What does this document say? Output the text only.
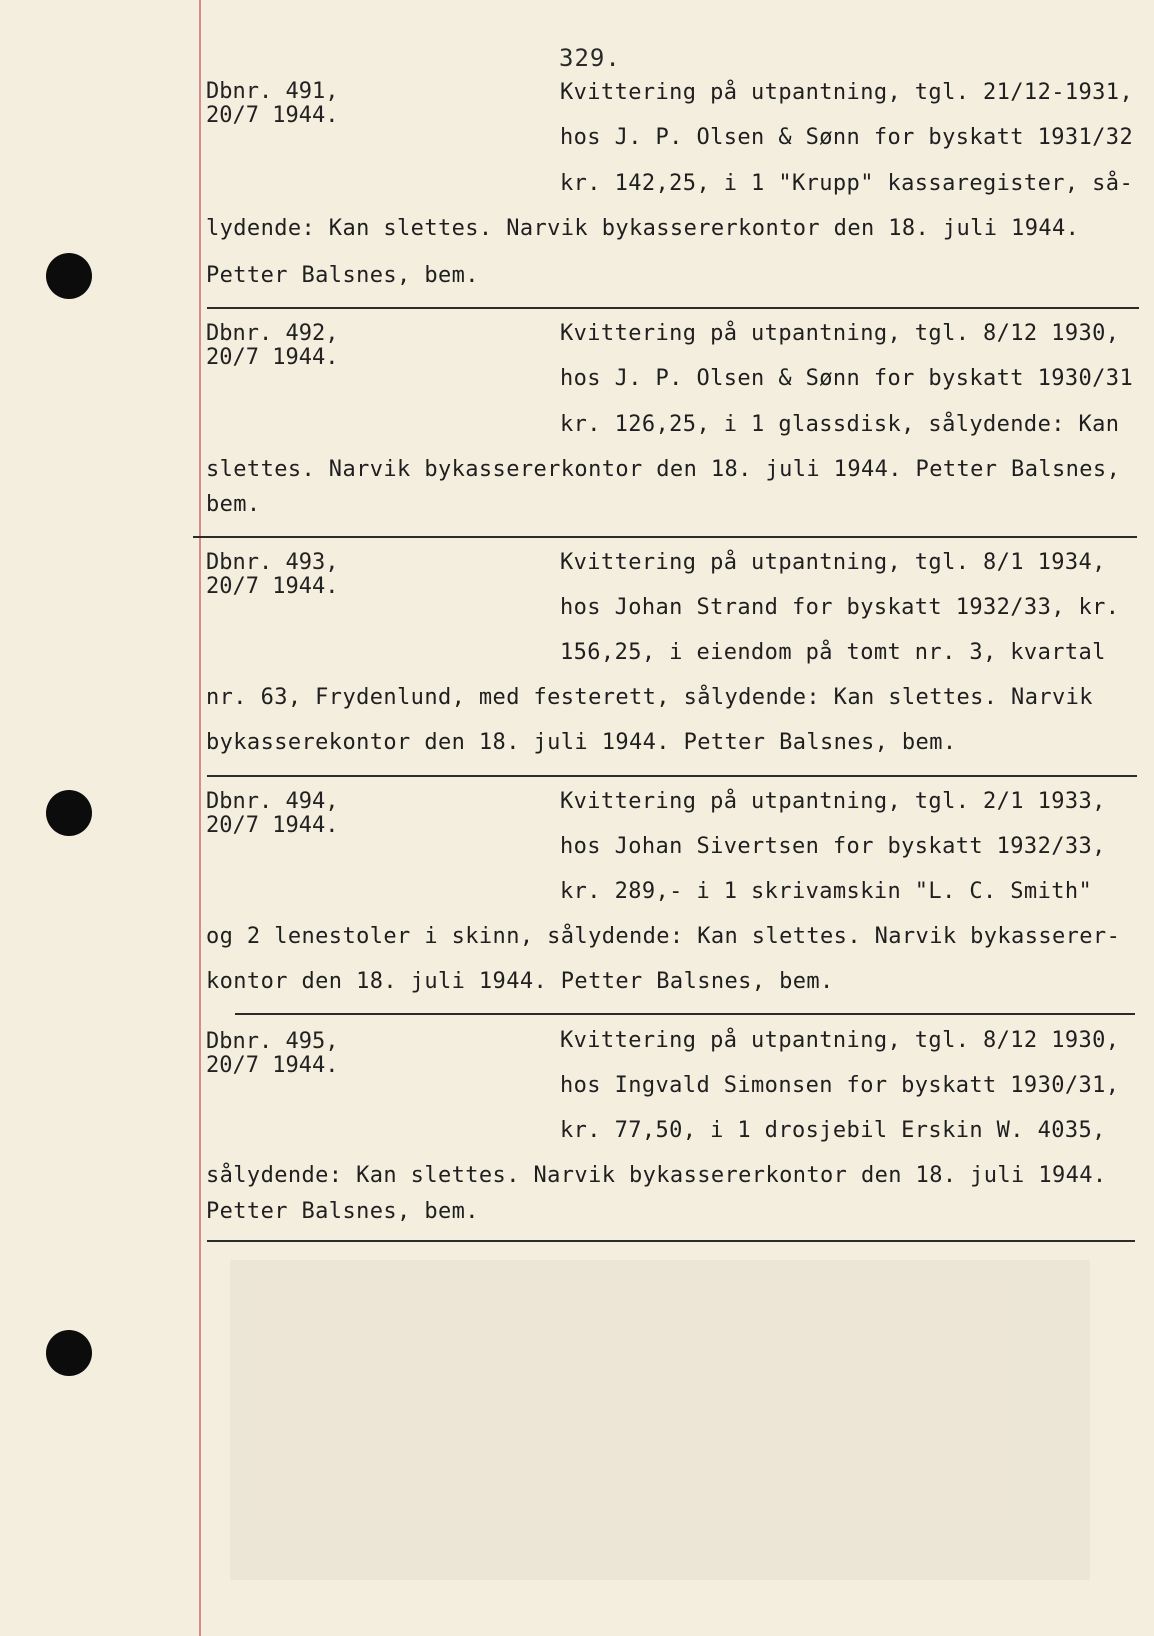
329.
Dbnr. 491,
20/7 1944.
Kvittering på utpantning, tgl. 21/12-1931,
hos J. P. Olsen & Sønn for byskatt 1931/32
kr. 142,25, i 1 "Krupp" kassaregister, så-
lydende: Kan slettes. Narvik bykassererkontor den 18. juli 1944.
Petter Balsnes, bem.
Dbnr. 492,
20/7 1944.
Kvittering på utpantning, tgl. 8/12 1930,
hos J. P. Olsen & Sønn for byskatt 1930/31
kr. 126,25, i 1 glassdisk, sålydende: Kan
slettes. Narvik bykassererkontor den 18. juli 1944. Petter Balsnes,
bem.
Dbnr. 493,
20/7 1944.
Kvittering på utpantning, tgl. 8/1 1934,
hos Johan Strand for byskatt 1932/33, kr.
156,25, i eiendom på tomt nr. 3, kvartal
nr. 63, Frydenlund, med festerett, sålydende: Kan slettes. Narvik
bykasserekontor den 18. juli 1944. Petter Balsnes, bem.
Dbnr. 494,
20/7 1944.
Kvittering på utpantning, tgl. 2/1 1933,
hos Johan Sivertsen for byskatt 1932/33,
kr. 289,- i 1 skrivamskin "L. C. Smith"
og 2 lenestoler i skinn, sålydende: Kan slettes. Narvik bykasserer-
kontor den 18. juli 1944. Petter Balsnes, bem.
Dbnr. 495,
20/7 1944.
Kvittering på utpantning, tgl. 8/12 1930,
hos Ingvald Simonsen for byskatt 1930/31,
kr. 77,50, i 1 drosjebil Erskin W. 4035,
sålydende: Kan slettes. Narvik bykassererkontor den 18. juli 1944.
Petter Balsnes, bem.
